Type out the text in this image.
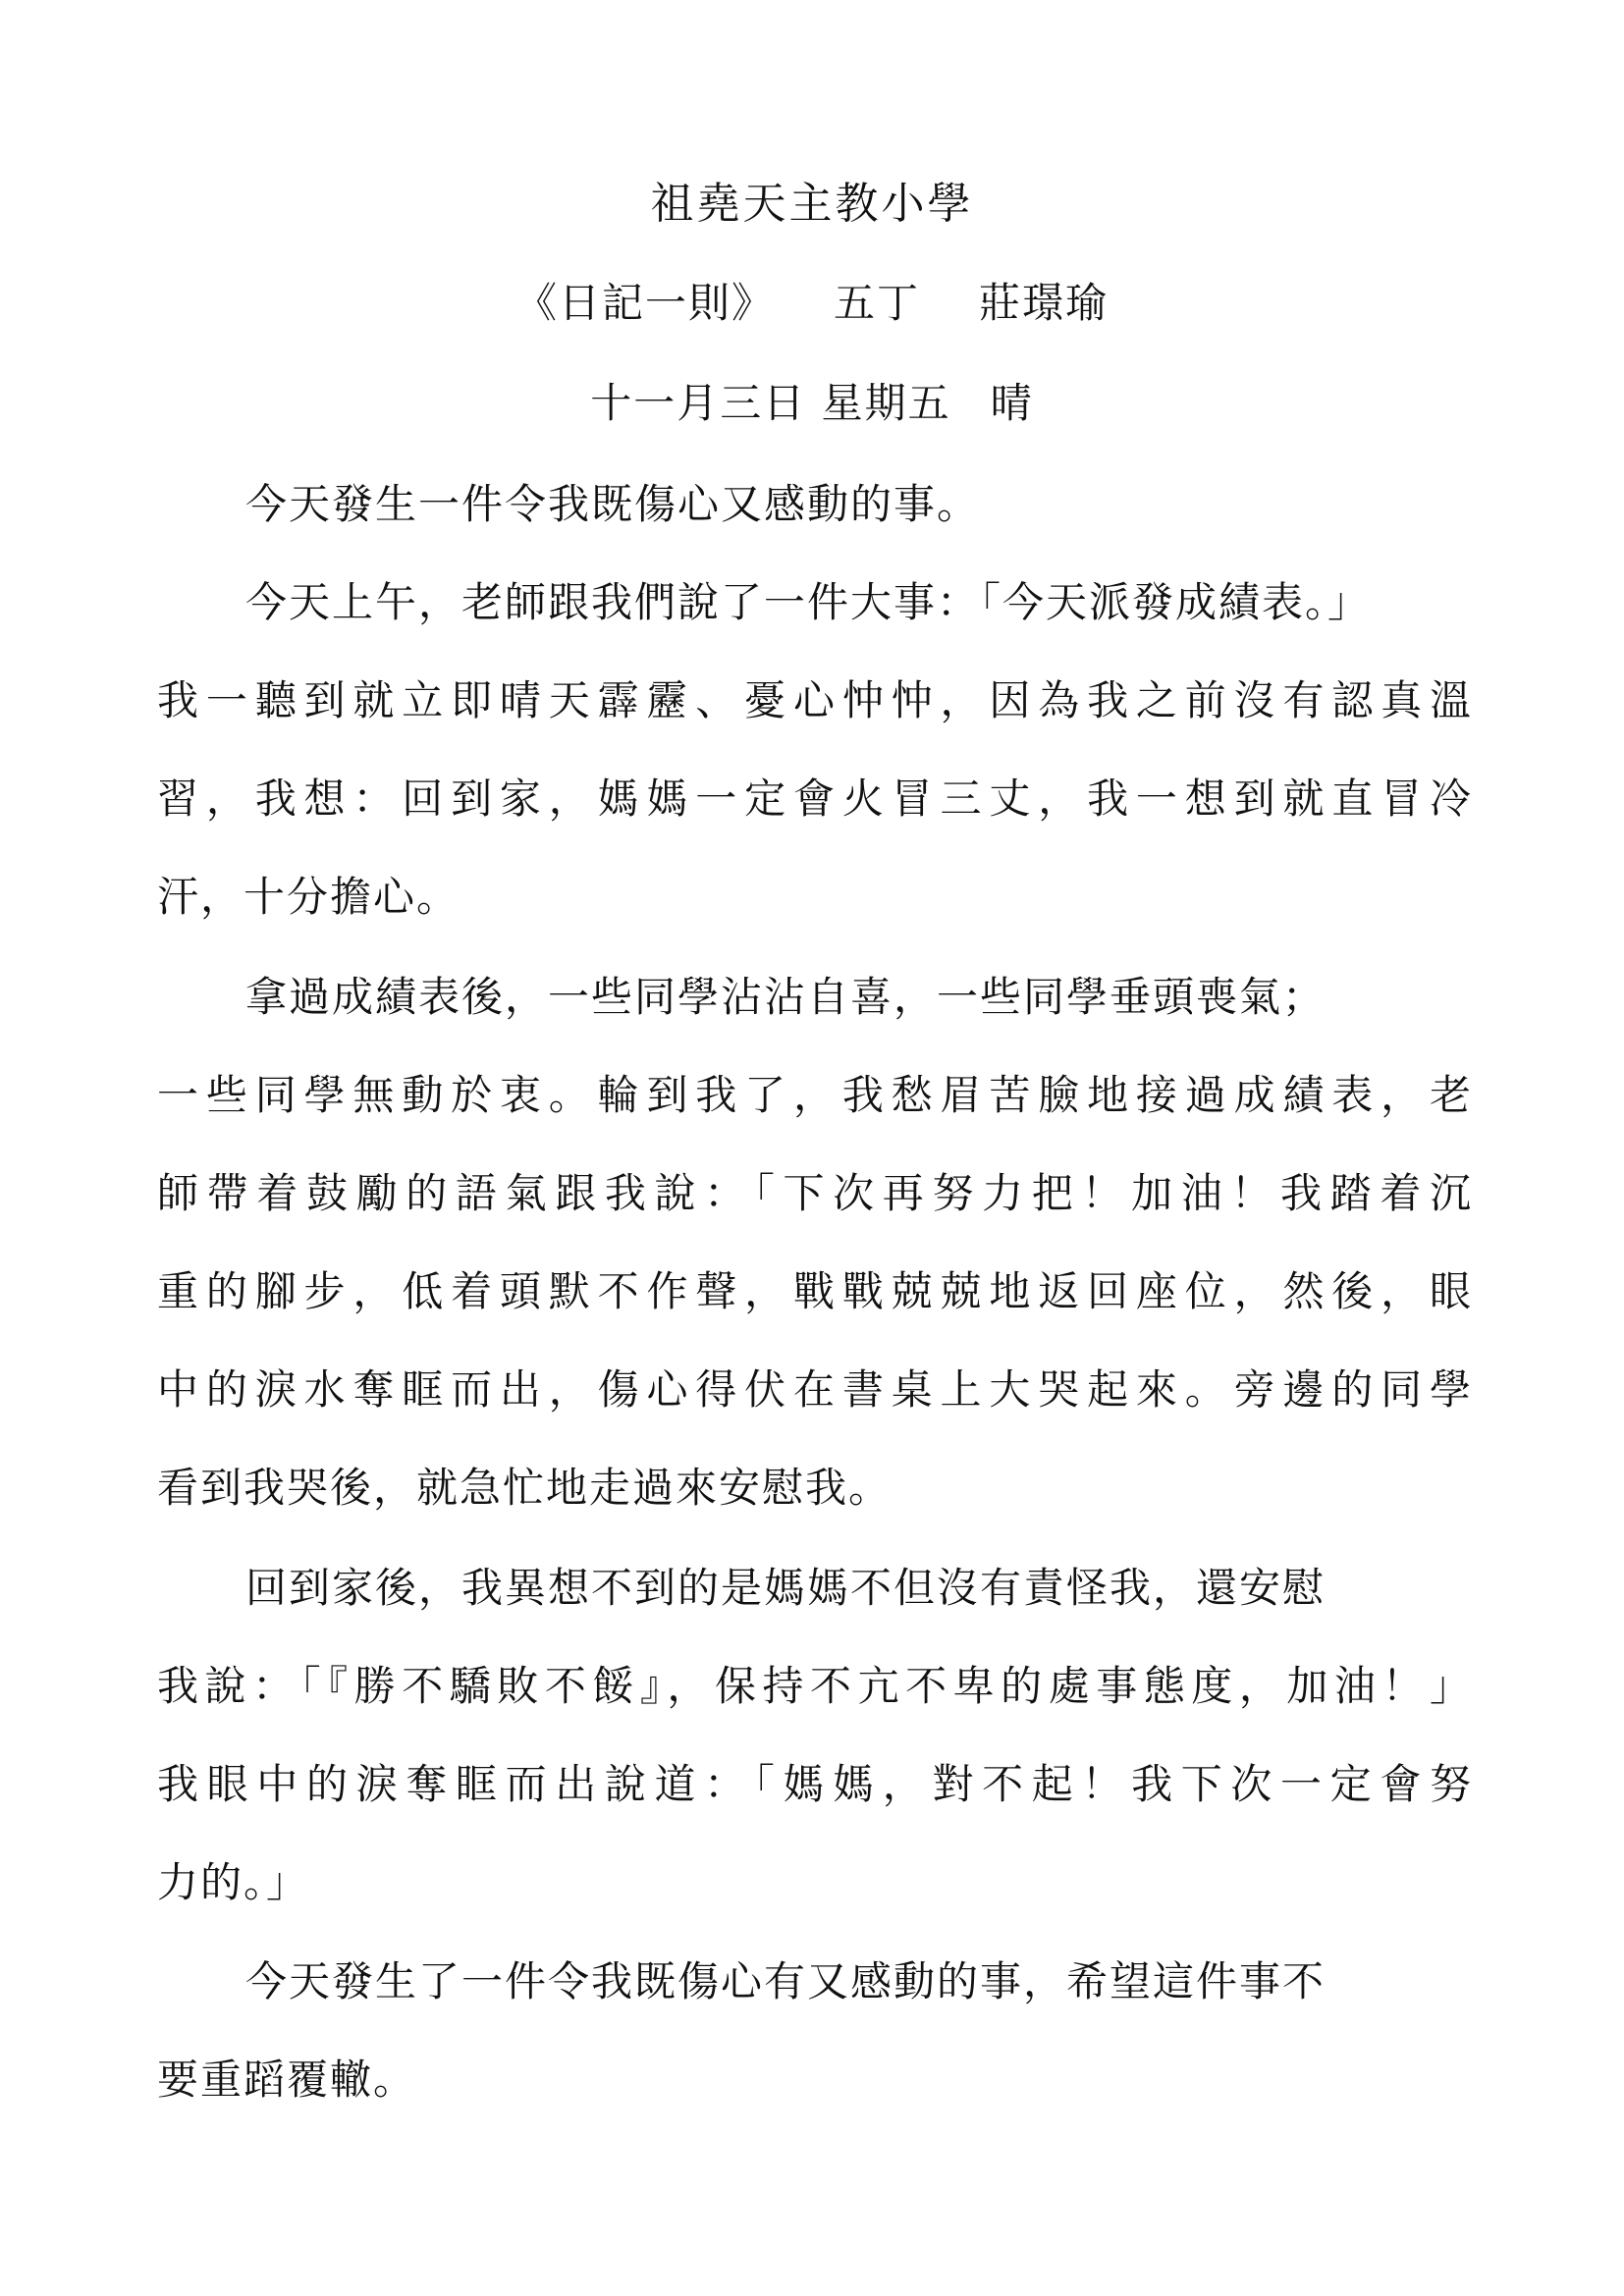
祖堯天主教小學
《日記一則》 五丁 莊璟瑜
十一月三日 星期五 晴
今天發生一件令我既傷心又感動的事。
今天上午，老師跟我們說了一件大事：「今天派發成績表。」
我一聽到就立即晴天霹靂、憂心忡忡，因為我之前沒有認真溫
習，我想：回到家，媽媽一定會火冒三丈，我一想到就直冒冷
汗，十分擔心。
拿過成績表後，一些同學沾沾自喜，一些同學垂頭喪氣；
一些同學無動於衷。輪到我了，我愁眉苦臉地接過成績表，老
師帶着鼓勵的語氣跟我說：「下次再努力把！加油！我踏着沉
重的腳步，低着頭默不作聲，戰戰兢兢地返回座位，然後，眼
中的淚水奪眶而出，傷心得伏在書桌上大哭起來。旁邊的同學
看到我哭後，就急忙地走過來安慰我。
回到家後，我異想不到的是媽媽不但沒有責怪我，還安慰
我說：「『勝不驕敗不餒』，保持不亢不卑的處事態度，加油！」
我眼中的淚奪眶而出說道：「媽媽，對不起！我下次一定會努
力的。」
今天發生了一件令我既傷心有又感動的事，希望這件事不
要重蹈覆轍。
